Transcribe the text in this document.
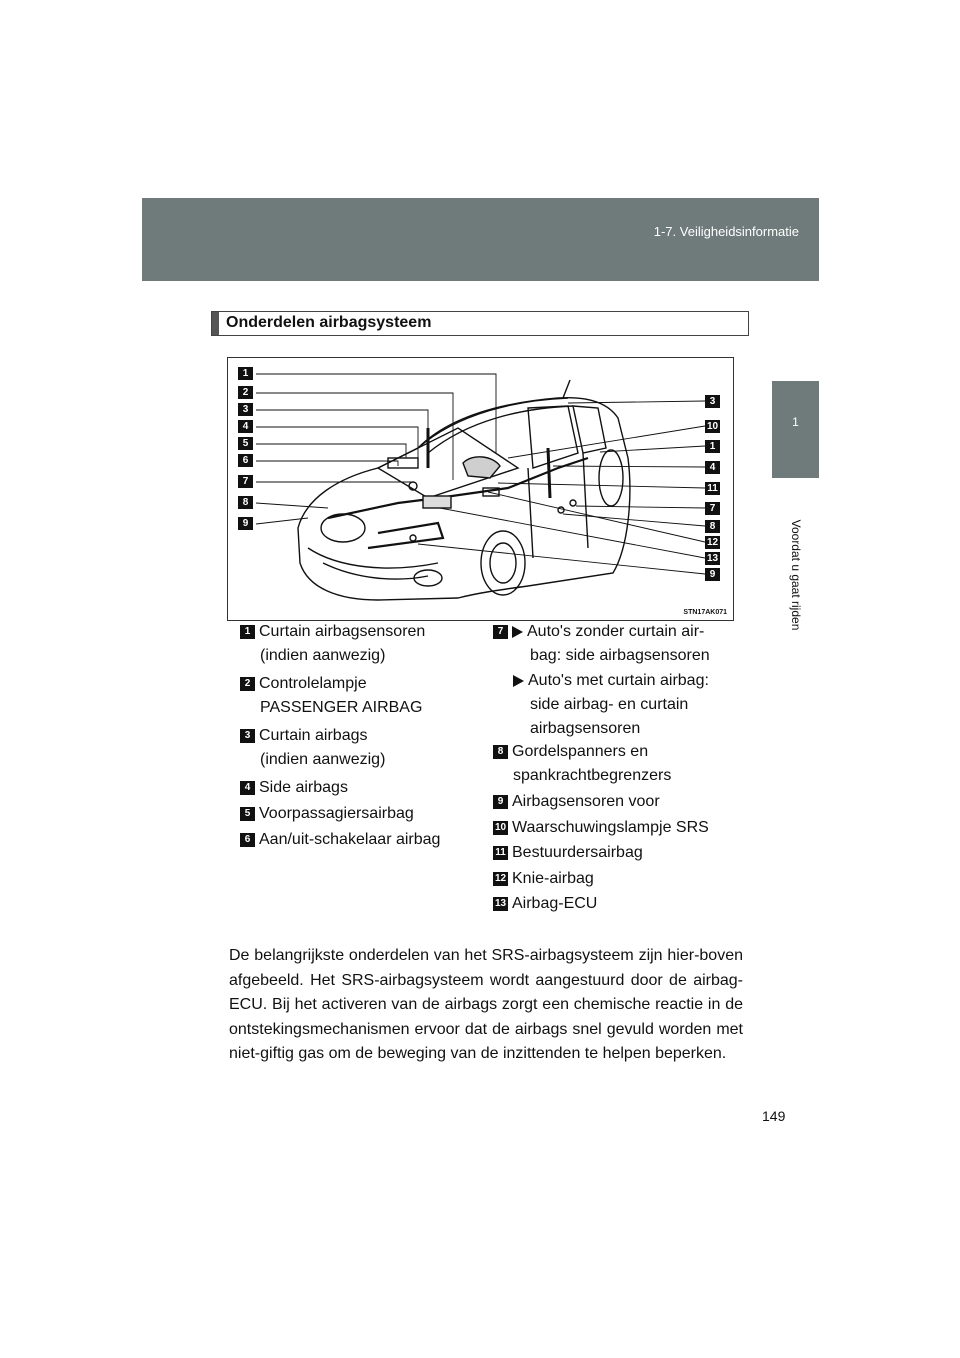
1-7. Veiligheidsinformatie
1
Voordat u gaat rijden
Onderdelen airbagsysteem
1
2
3
4
5
6
7
8
9
3
10
1
4
11
7
8
12
13
9
STN17AK071
1 Curtain airbagsensoren
(indien aanwezig)
2 Controlelampje
PASSENGER AIRBAG
3 Curtain airbags
(indien aanwezig)
4 Side airbags
5 Voorpassagiersairbag
6 Aan/uit-schakelaar airbag
7 Auto's zonder curtain air-
bag: side airbagsensoren
Auto's met curtain airbag:
side airbag- en curtain
airbagsensoren
8 Gordelspanners en
spankrachtbegrenzers
9 Airbagsensoren voor
10 Waarschuwingslampje SRS
11 Bestuurdersairbag
12 Knie-airbag
13 Airbag-ECU

De belangrijkste onderdelen van het SRS-airbagsysteem zijn hier-boven afgebeeld. Het SRS-airbagsysteem wordt aangestuurd door de airbag-ECU. Bij het activeren van de airbags zorgt een chemische reactie in de ontstekingsmechanismen ervoor dat de airbags snel gevuld worden met niet-giftig gas om de beweging van de inzittenden te helpen beperken.

149
